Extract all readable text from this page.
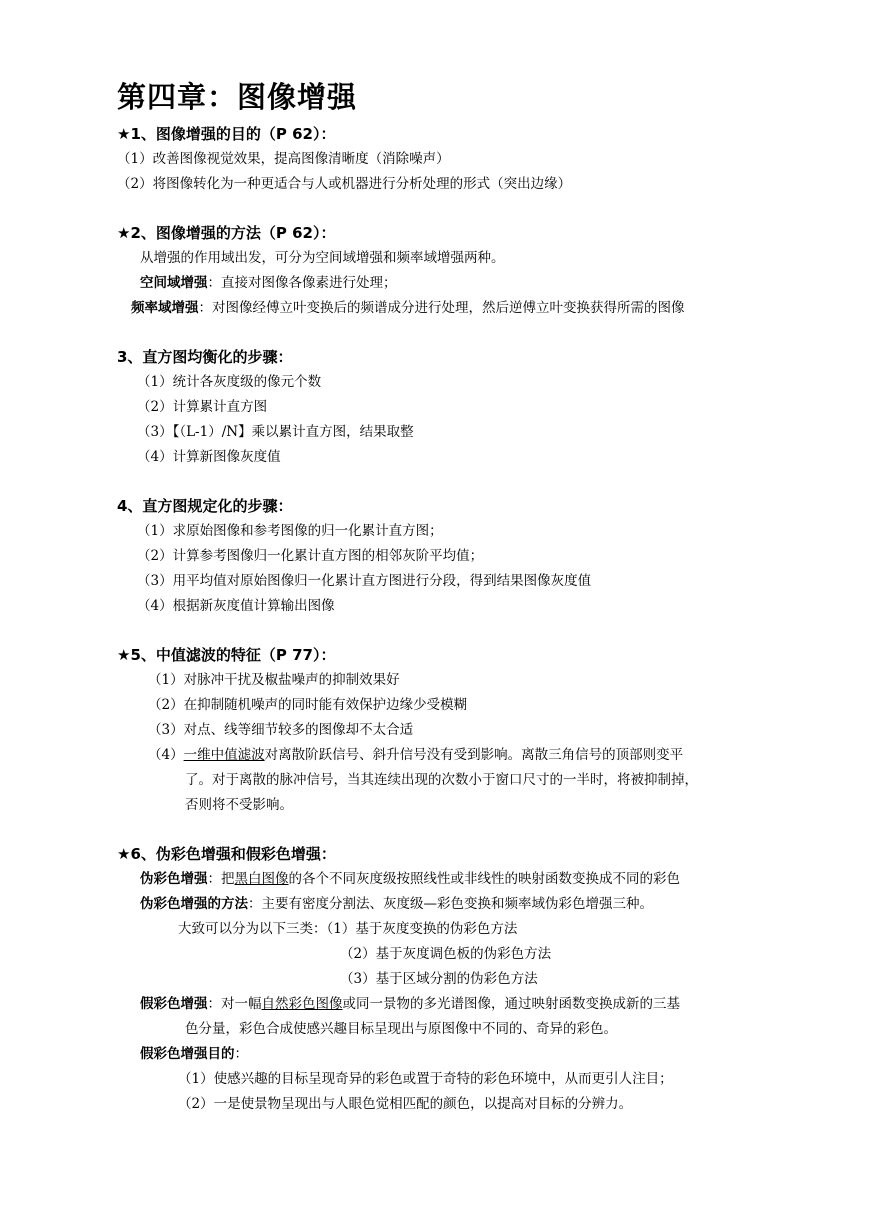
第四章：图像增强
★1、图像增强的目的（P 62）：
（1）改善图像视觉效果，提高图像清晰度（消除噪声）
（2）将图像转化为一种更适合与人或机器进行分析处理的形式（突出边缘）
★2、图像增强的方法（P 62）：
从增强的作用域出发，可分为空间域增强和频率域增强两种。
空间域增强：直接对图像各像素进行处理；
频率域增强：对图像经傅立叶变换后的频谱成分进行处理，然后逆傅立叶变换获得所需的图像
3、直方图均衡化的步骤：
（1）统计各灰度级的像元个数
（2）计算累计直方图
（3）【（L-1）/N】乘以累计直方图，结果取整
（4）计算新图像灰度值
4、直方图规定化的步骤：
（1）求原始图像和参考图像的归一化累计直方图；
（2）计算参考图像归一化累计直方图的相邻灰阶平均值；
（3）用平均值对原始图像归一化累计直方图进行分段，得到结果图像灰度值
（4）根据新灰度值计算输出图像
★5、中值滤波的特征（P 77）：
（1）对脉冲干扰及椒盐噪声的抑制效果好
（2）在抑制随机噪声的同时能有效保护边缘少受模糊
（3）对点、线等细节较多的图像却不太合适
（4）一维中值滤波对离散阶跃信号、斜升信号没有受到影响。离散三角信号的顶部则变平
了。对于离散的脉冲信号，当其连续出现的次数小于窗口尺寸的一半时，将被抑制掉，
否则将不受影响。
★6、伪彩色增强和假彩色增强：
伪彩色增强：把黑白图像的各个不同灰度级按照线性或非线性的映射函数变换成不同的彩色
伪彩色增强的方法：主要有密度分割法、灰度级—彩色变换和频率域伪彩色增强三种。
大致可以分为以下三类：（1）基于灰度变换的伪彩色方法
（2）基于灰度调色板的伪彩色方法
（3）基于区域分割的伪彩色方法
假彩色增强：对一幅自然彩色图像或同一景物的多光谱图像，通过映射函数变换成新的三基
色分量，彩色合成使感兴趣目标呈现出与原图像中不同的、奇异的彩色。
假彩色增强目的：
（1）使感兴趣的目标呈现奇异的彩色或置于奇特的彩色环境中，从而更引人注目；
（2）一是使景物呈现出与人眼色觉相匹配的颜色，以提高对目标的分辨力。
